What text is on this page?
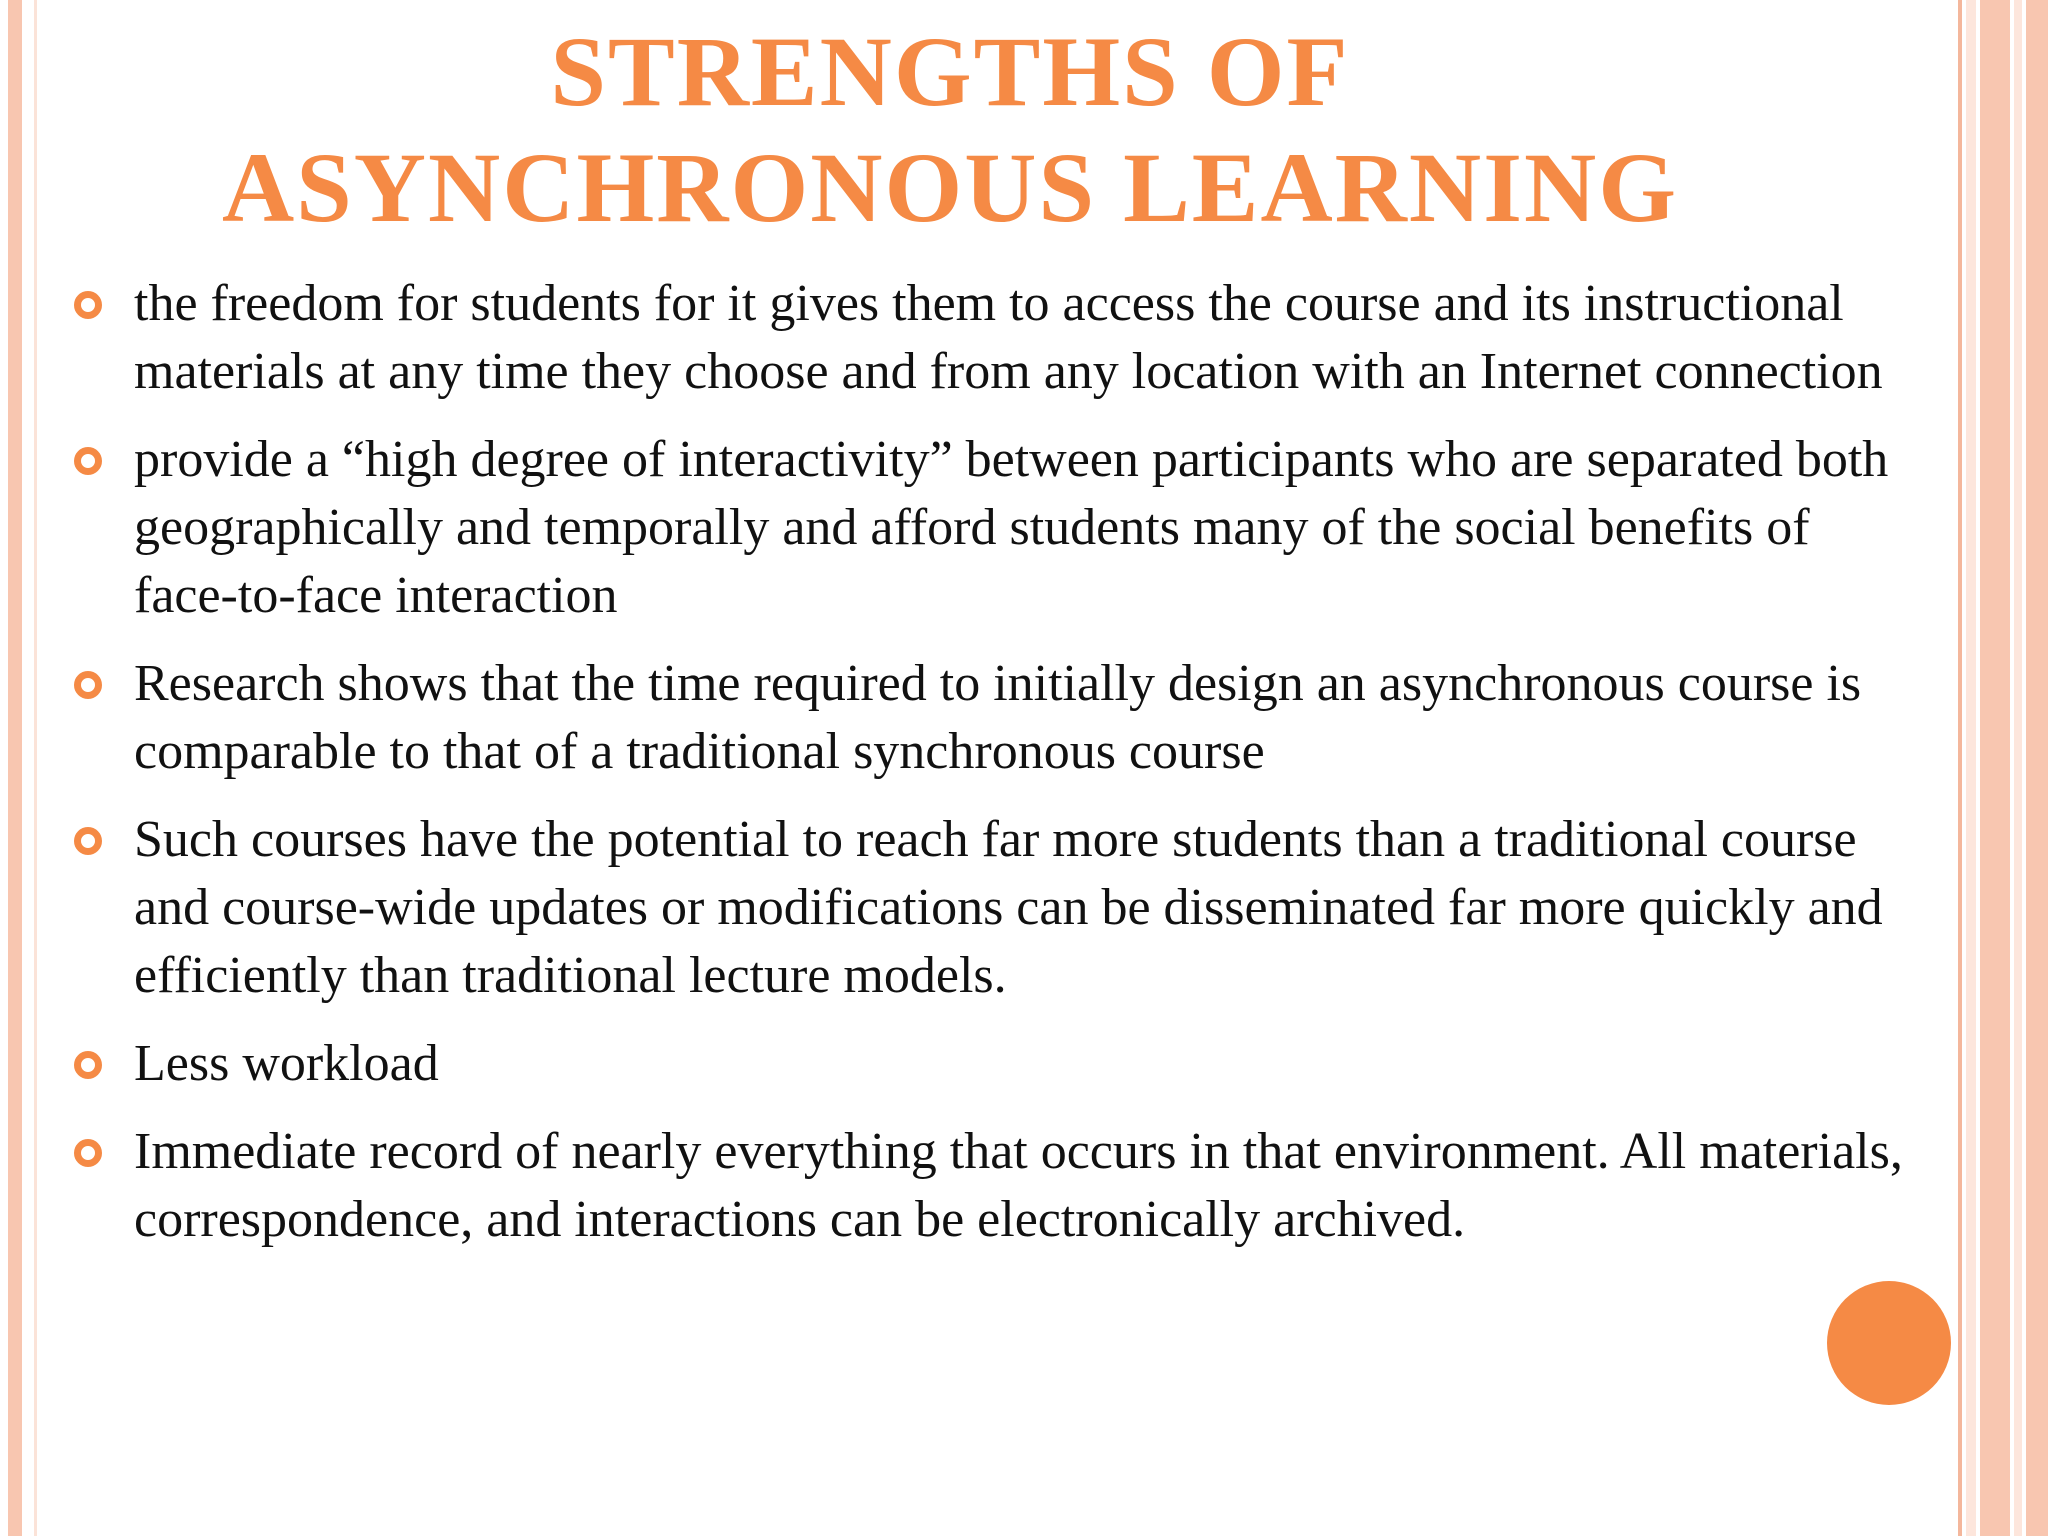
STRENGTHS OF
ASYNCHRONOUS LEARNING
the freedom for students for it gives them to access the course and its instructional materials at any time they choose and from any location with an Internet connection
provide a “high degree of interactivity” between participants who are separated both geographically and temporally and afford students many of the social benefits of face-to-face interaction
Research shows that the time required to initially design an asynchronous course is comparable to that of a traditional synchronous course
Such courses have the potential to reach far more students than a traditional course and course-wide updates or modifications can be disseminated far more quickly and efficiently than traditional lecture models.
Less workload
Immediate record of nearly everything that occurs in that environment. All materials, correspondence, and interactions can be electronically archived.
